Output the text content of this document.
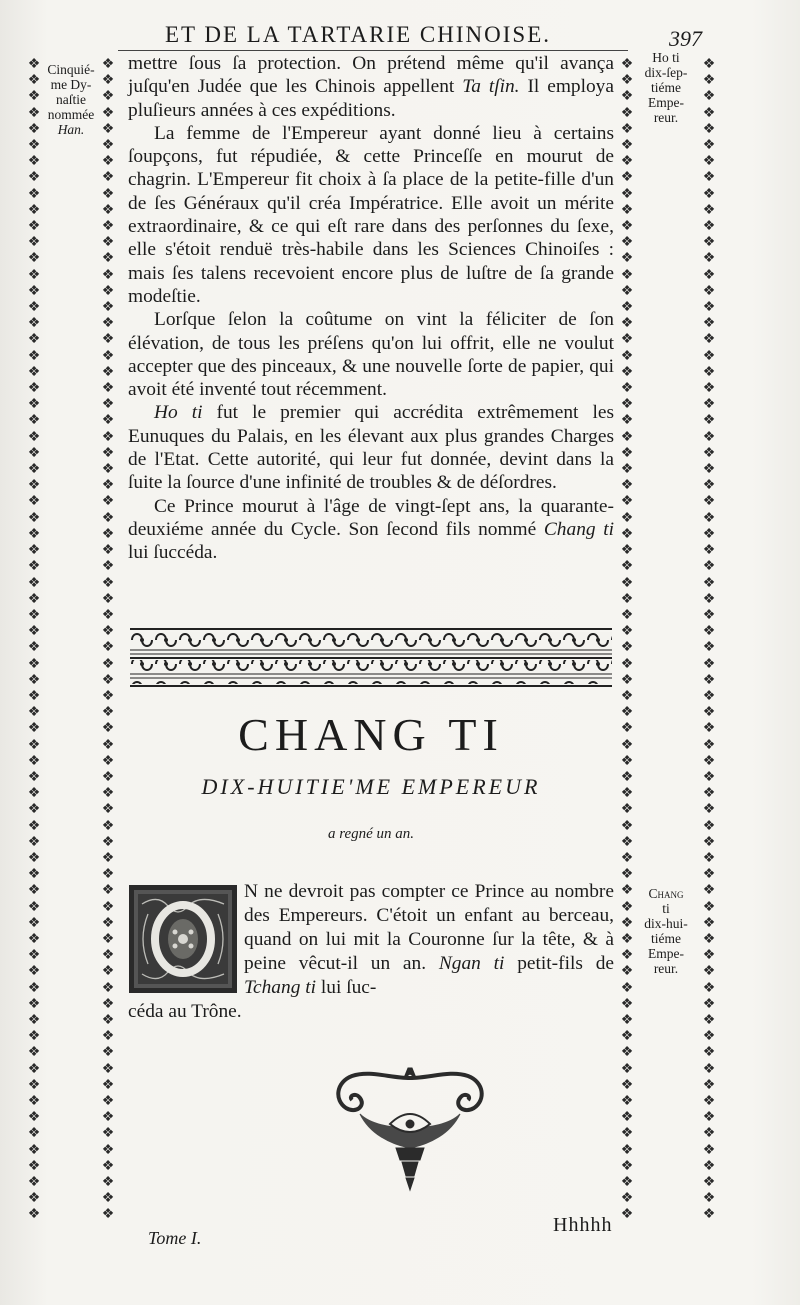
ET DE LA TARTARIE CHINOISE.	397
❖❖❖❖❖❖❖❖❖❖❖❖❖❖❖❖❖❖❖❖❖❖❖❖❖❖❖❖❖❖❖❖❖❖❖❖❖❖❖❖❖❖❖❖❖❖❖❖❖❖❖❖❖❖❖❖❖❖❖❖❖❖❖❖❖❖❖❖❖❖❖❖
❖❖❖❖❖❖❖❖❖❖❖❖❖❖❖❖❖❖❖❖❖❖❖❖❖❖❖❖❖❖❖❖❖❖❖❖❖❖❖❖❖❖❖❖❖❖❖❖❖❖❖❖❖❖❖❖❖❖❖❖❖❖❖❖❖❖❖❖❖❖❖❖
❖❖❖❖❖❖❖❖❖❖❖❖❖❖❖❖❖❖❖❖❖❖❖❖❖❖❖❖❖❖❖❖❖❖❖❖❖❖❖❖❖❖❖❖❖❖❖❖❖❖❖❖❖❖❖❖❖❖❖❖❖❖❖❖❖❖❖❖❖❖❖❖
❖❖❖❖❖❖❖❖❖❖❖❖❖❖❖❖❖❖❖❖❖❖❖❖❖❖❖❖❖❖❖❖❖❖❖❖❖❖❖❖❖❖❖❖❖❖❖❖❖❖❖❖❖❖❖❖❖❖❖❖❖❖❖❖❖❖❖❖❖❖❖❖
Cinquié-
me Dy-
naſtie
nommée
Han.
Ho ti
dix-ſep-
tiéme
Empe-
reur.
Chang
ti
dix-hui-
tiéme
Empe-
reur.

mettre ſous ſa protection. On prétend même qu'il avança juſqu'en Judée que les Chinois appellent Ta tſin. Il employa pluſieurs années à ces expéditions.

La femme de l'Empereur ayant donné lieu à certains ſoupçons, fut répudiée, & cette Princeſſe en mourut de chagrin. L'Empereur fit choix à ſa place de la petite-fille d'un de ſes Généraux qu'il créa Impératrice. Elle avoit un mérite extraordinaire, & ce qui eſt rare dans des perſonnes du ſexe, elle s'étoit renduë très-habile dans les Sciences Chinoiſes : mais ſes talens recevoient encore plus de luſtre de ſa grande modeſtie.

Lorſque ſelon la coûtume on vint la féliciter de ſon élévation, de tous les préſens qu'on lui offrit, elle ne voulut accepter que des pinceaux, & une nouvelle ſorte de papier, qui avoit été inventé tout récemment.

Ho ti fut le premier qui accrédita extrêmement les Eunuques du Palais, en les élevant aux plus grandes Charges de l'Etat. Cette autorité, qui leur fut donnée, devint dans la ſuite la ſource d'une infinité de troubles & de déſordres.

Ce Prince mourut à l'âge de vingt-ſept ans, la quarante-deuxiéme année du Cycle. Son ſecond fils nommé Chang ti lui ſuccéda.

CHANG TI
DIX-HUITIE'ME EMPEREUR
a regné un an.
N ne devroit pas compter ce Prince au nombre des Empereurs. C'étoit un enfant au berceau, quand on lui mit la Couronne ſur la tête, & à peine vêcut-il un an. Ngan ti petit-fils de Tchang ti lui ſuc-
céda au Trône.
Tome I.
Hhhhh
